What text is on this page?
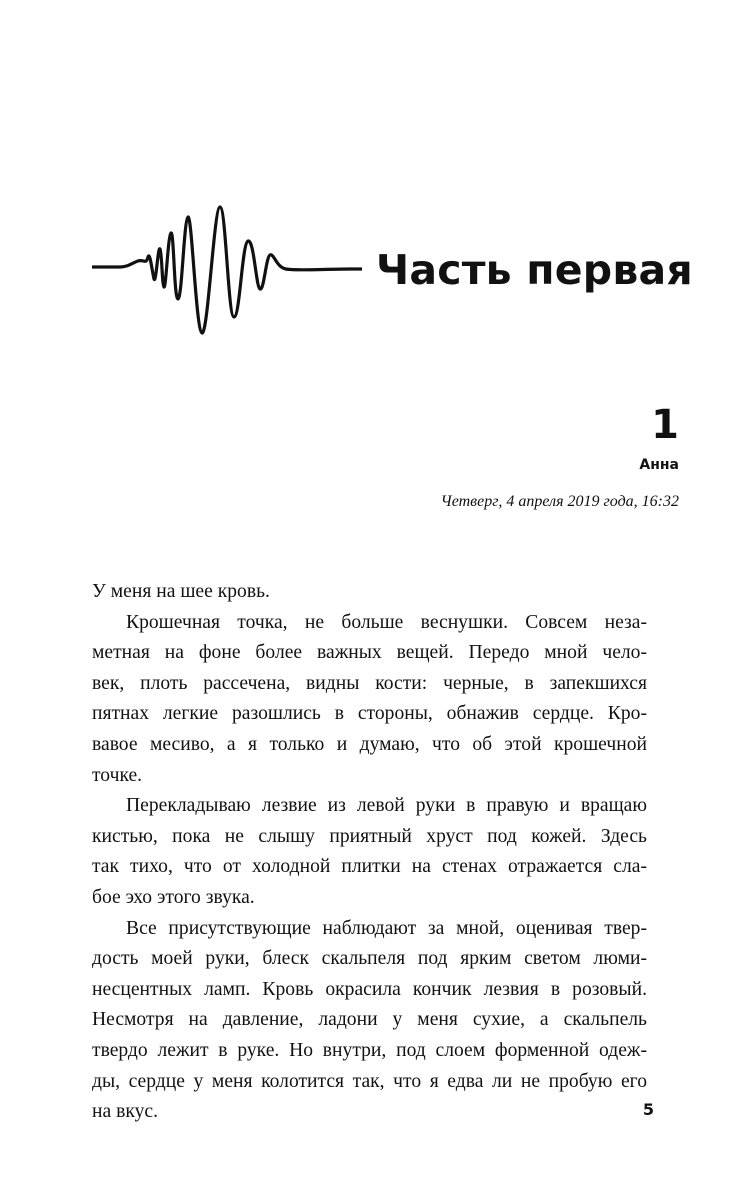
Часть первая
1
Анна
Четверг, 4 апреля 2019 года, 16:32
У меня на шее кровь.
Крошечная точка, не больше веснушки. Совсем неза-
метная на фоне более важных вещей. Передо мной чело-
век, плоть рассечена, видны кости: черные, в запекшихся
пятнах легкие разошлись в стороны, обнажив сердце. Кро-
вавое месиво, а я только и думаю, что об этой крошечной
точке.
Перекладываю лезвие из левой руки в правую и вращаю
кистью, пока не слышу приятный хруст под кожей. Здесь
так тихо, что от холодной плитки на стенах отражается сла-
бое эхо этого звука.
Все присутствующие наблюдают за мной, оценивая твер-
дость моей руки, блеск скальпеля под ярким светом люми-
несцентных ламп. Кровь окрасила кончик лезвия в розовый.
Несмотря на давление, ладони у меня сухие, а скальпель
твердо лежит в руке. Но внутри, под слоем форменной одеж-
ды, сердце у меня колотится так, что я едва ли не пробую его
на вкус.	5
